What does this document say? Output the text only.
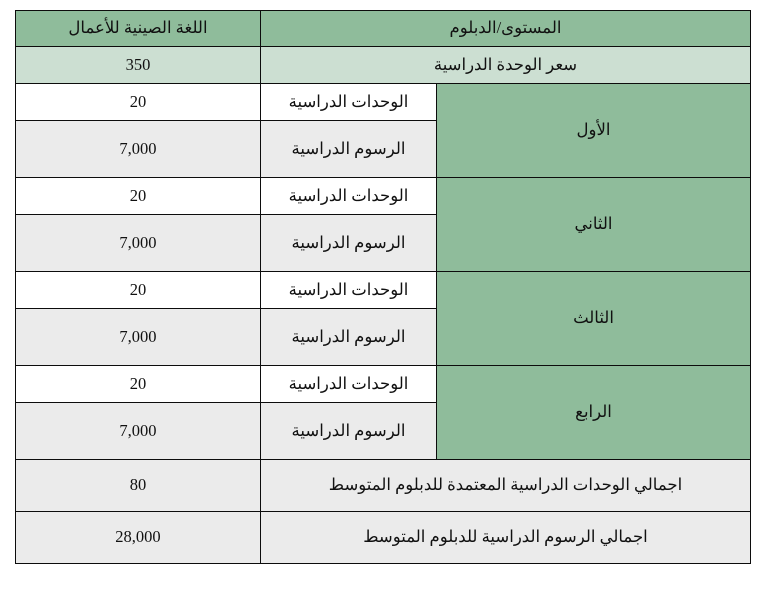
المستوى/الدبلوم		اللغة الصينية للأعمال
سعر الوحدة الدراسية		350
الأول	الوحدات الدراسية	20
	الرسوم الدراسية	7,000
الثاني	الوحدات الدراسية	20
	الرسوم الدراسية	7,000
الثالث	الوحدات الدراسية	20
	الرسوم الدراسية	7,000
الرابع	الوحدات الدراسية	20
	الرسوم الدراسية	7,000
اجمالي الوحدات الدراسية المعتمدة للدبلوم المتوسط		80
اجمالي الرسوم الدراسية للدبلوم المتوسط		28,000
